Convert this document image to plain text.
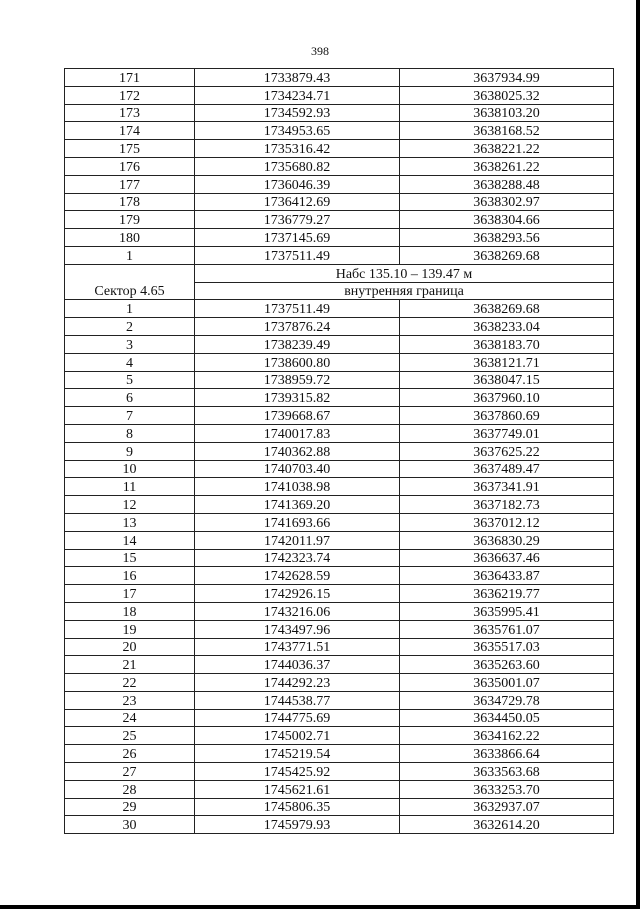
398
171	1733879.43	3637934.99
172	1734234.71	3638025.32
173	1734592.93	3638103.20
174	1734953.65	3638168.52
175	1735316.42	3638221.22
176	1735680.82	3638261.22
177	1736046.39	3638288.48
178	1736412.69	3638302.97
179	1736779.27	3638304.66
180	1737145.69	3638293.56
1	1737511.49	3638269.68
Сектор 4.65	Набс 135.10 – 139.47 м	
	внутренняя граница	
1	1737511.49	3638269.68
2	1737876.24	3638233.04
3	1738239.49	3638183.70
4	1738600.80	3638121.71
5	1738959.72	3638047.15
6	1739315.82	3637960.10
7	1739668.67	3637860.69
8	1740017.83	3637749.01
9	1740362.88	3637625.22
10	1740703.40	3637489.47
11	1741038.98	3637341.91
12	1741369.20	3637182.73
13	1741693.66	3637012.12
14	1742011.97	3636830.29
15	1742323.74	3636637.46
16	1742628.59	3636433.87
17	1742926.15	3636219.77
18	1743216.06	3635995.41
19	1743497.96	3635761.07
20	1743771.51	3635517.03
21	1744036.37	3635263.60
22	1744292.23	3635001.07
23	1744538.77	3634729.78
24	1744775.69	3634450.05
25	1745002.71	3634162.22
26	1745219.54	3633866.64
27	1745425.92	3633563.68
28	1745621.61	3633253.70
29	1745806.35	3632937.07
30	1745979.93	3632614.20
